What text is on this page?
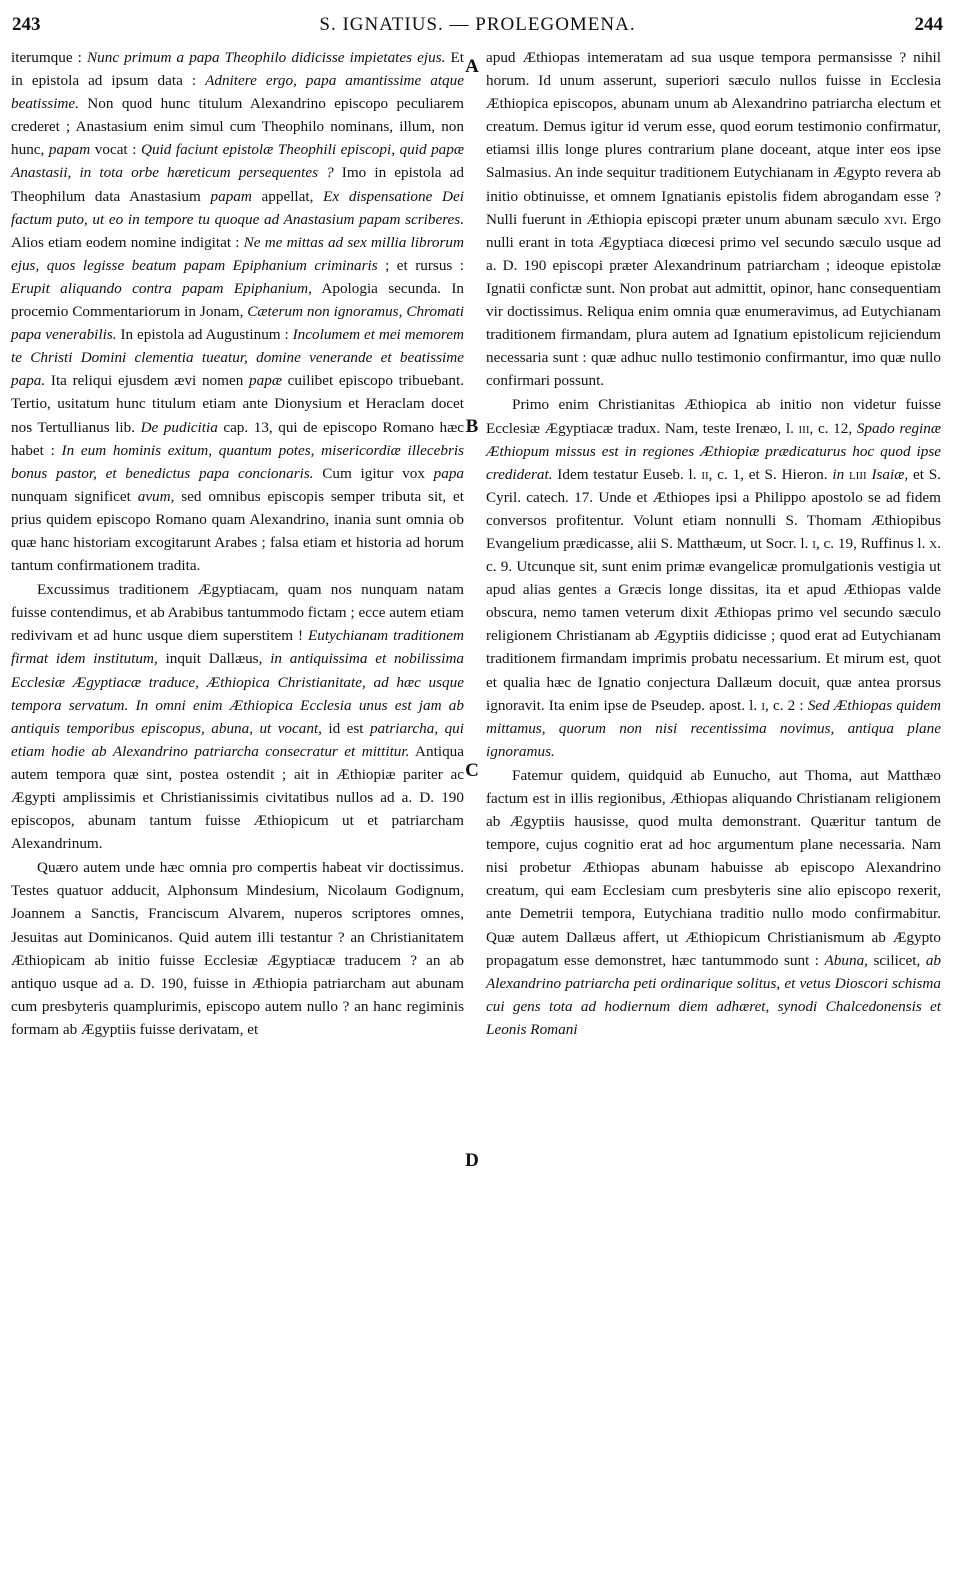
243	S. IGNATIUS. — PROLEGOMENA.	244

iterumque : Nunc primum a papa Theophilo didicisse impietates ejus. Et in epistola ad ipsum data : Adnitere ergo, papa amantissime atque beatissime. Non quod hunc titulum Alexandrino episcopo peculiarem crederet ; Anastasium enim simul cum Theophilo nominans, illum, non hunc, papam vocat : Quid faciunt epistolæ Theophili episcopi, quid papæ Anastasii, in tota orbe hæreticum persequentes ? Imo in epistola ad Theophilum data Anastasium papam appellat, Ex dispensatione Dei factum puto, ut eo in tempore tu quoque ad Anastasium papam scriberes. Alios etiam eodem nomine indigitat : Ne me mittas ad sex millia librorum ejus, quos legisse beatum papam Epiphanium criminaris ; et rursus : Erupit aliquando contra papam Epiphanium, Apologia secunda. In procemio Commentariorum in Jonam, Cæterum non ignoramus, Chromati papa venerabilis. In epistola ad Augustinum : Incolumem et mei memorem te Christi Domini clementia tueatur, domine venerande et beatissime papa. Ita reliqui ejusdem ævi nomen papæ cuilibet episcopo tribuebant. Tertio, usitatum hunc titulum etiam ante Dionysium et Heraclam docet nos Tertullianus lib. De pudicitia cap. 13, qui de episcopo Romano hæc habet : In eum hominis exitum, quantum potes, misericordiæ illecebris bonus pastor, et benedictus papa concionaris. Cum igitur vox papa nunquam significet avum, sed omnibus episcopis semper tributa sit, et prius quidem episcopo Romano quam Alexandrino, inania sunt omnia ob quæ hanc historiam excogitarunt Arabes ; falsa etiam et historia ad horum tantum confirmationem tradita.

Excussimus traditionem Ægyptiacam, quam nos nunquam natam fuisse contendimus, et ab Arabibus tantummodo fictam ; ecce autem etiam redivivam et ad hunc usque diem superstitem ! Eutychianam traditionem firmat idem institutum, inquit Dallæus, in antiquissima et nobilissima Ecclesiæ Ægyptiacæ traduce, Æthiopica Christianitate, ad hæc usque tempora servatum. In omni enim Æthiopica Ecclesia unus est jam ab antiquis temporibus episcopus, abuna, ut vocant, id est patriarcha, qui etiam hodie ab Alexandrino patriarcha consecratur et mittitur. Antiqua autem tempora quæ sint, postea ostendit ; ait in Æthiopiæ pariter ac Ægypti amplissimis et Christianissimis civitatibus nullos ad a. D. 190 episcopos, abunam tantum fuisse Æthiopicum ut et patriarcham Alexandrinum.

Quæro autem unde hæc omnia pro compertis habeat vir doctissimus. Testes quatuor adducit, Alphonsum Mindesium, Nicolaum Godignum, Joannem a Sanctis, Franciscum Alvarem, nuperos scriptores omnes, Jesuitas aut Dominicanos. Quid autem illi testantur ? an Christianitatem Æthiopicam ab initio fuisse Ecclesiæ Ægyptiacæ traducem ? an ab antiquo usque ad a. D. 190, fuisse in Æthiopia patriarcham aut abunam cum presbyteris quamplurimis, episcopo autem nullo ? an hanc regiminis formam ab Ægyptiis fuisse derivatam, et

apud Æthiopas intemeratam ad sua usque tempora permansisse ? nihil horum. Id unum asserunt, superiori sæculo nullos fuisse in Ecclesia Æthiopica episcopos, abunam unum ab Alexandrino patriarcha electum et creatum. Demus igitur id verum esse, quod eorum testimonio confirmatur, etiamsi illis longe plures contrarium plane doceant, atque inter eos ipse Salmasius. An inde sequitur traditionem Eutychianam in Ægypto revera ab initio obtinuisse, et omnem Ignatianis epistolis fidem abrogandam esse ? Nulli fuerunt in Æthiopia episcopi præter unum abunam sæculo xvi. Ergo nulli erant in tota Ægyptiaca diœcesi primo vel secundo sæculo usque ad a. D. 190 episcopi præter Alexandrinum patriarcham ; ideoque epistolæ Ignatii confictæ sunt. Non probat aut admittit, opinor, hanc consequentiam vir doctissimus. Reliqua enim omnia quæ enumeravimus, ad Eutychianam traditionem firmandam, plura autem ad Ignatium epistolicum rejiciendum necessaria sunt : quæ adhuc nullo testimonio confirmantur, imo quæ nullo confirmari possunt.

Primo enim Christianitas Æthiopica ab initio non videtur fuisse Ecclesiæ Ægyptiacæ tradux. Nam, teste Irenæo, l. iii, c. 12, Spado reginæ Æthiopum missus est in regiones Æthiopiæ prædicaturus hoc quod ipse crediderat. Idem testatur Euseb. l. ii, c. 1, et S. Hieron. in liii Isaiæ, et S. Cyril. catech. 17. Unde et Æthiopes ipsi a Philippo apostolo se ad fidem conversos profitentur. Volunt etiam nonnulli S. Thomam Æthiopibus Evangelium prædicasse, alii S. Matthæum, ut Socr. l. i, c. 19, Ruffinus l. x. c. 9. Utcunque sit, sunt enim primæ evangelicæ promulgationis vestigia ut apud alias gentes a Græcis longe dissitas, ita et apud Æthiopas valde obscura, nemo tamen veterum dixit Æthiopas primo vel secundo sæculo religionem Christianam ab Ægyptiis didicisse ; quod erat ad Eutychianam traditionem firmandam imprimis probatu necessarium. Et mirum est, quot et qualia hæc de Ignatio conjectura Dallæum docuit, quæ antea prorsus ignoravit. Ita enim ipse de Pseudep. apost. l. i, c. 2 : Sed Æthiopas quidem mittamus, quorum non nisi recentissima novimus, antiqua plane ignoramus.

Fatemur quidem, quidquid ab Eunucho, aut Thoma, aut Matthæo factum est in illis regionibus, Æthiopas aliquando Christianam religionem ab Ægyptiis hausisse, quod multa demonstrant. Quæritur tantum de tempore, cujus cognitio erat ad hoc argumentum plane necessaria. Nam nisi probetur Æthiopas abunam habuisse ab episcopo Alexandrino creatum, qui eam Ecclesiam cum presbyteris sine alio episcopo rexerit, ante Demetrii tempora, Eutychiana traditio nullo modo confirmabitur. Quæ autem Dallæus affert, ut Æthiopicum Christianismum ab Ægypto propagatum esse demonstret, hæc tantummodo sunt : Abuna, scilicet, ab Alexandrino patriarcha peti ordinarique solitus, et vetus Dioscori schisma cui gens tota ad hodiernum diem adhæret, synodi Chalcedonensis et Leonis Romani

A
B
C
D
